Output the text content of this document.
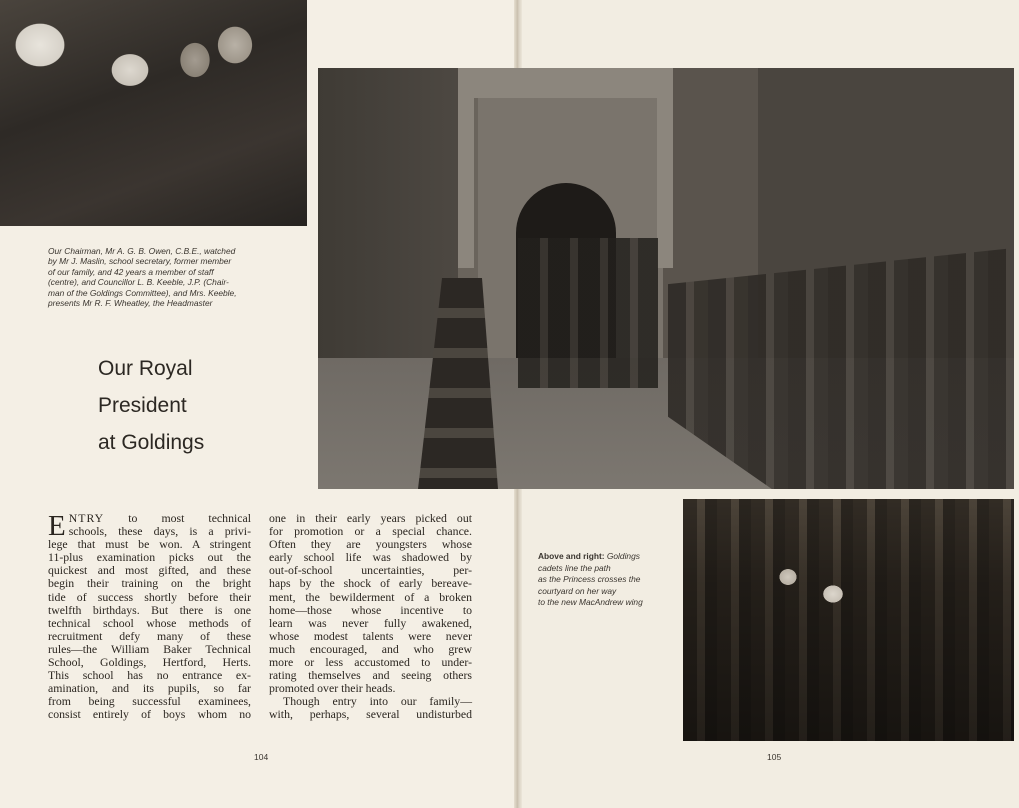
Our Chairman, Mr A. G. B. Owen, C.B.E., watched
by Mr J. Maslin, school secretary, former member
of our family, and 42 years a member of staff
(centre), and Councillor L. B. Keeble, J.P. (Chair-
man of the Goldings Committee), and Mrs. Keeble,
presents Mr R. F. Wheatley, the Headmaster
Our Royal
President
at Goldings
E NTRY to most technical
schools, these days, is a privi-
lege that must be won. A stringent
11-plus examination picks out the
quickest and most gifted, and these
begin their training on the bright
tide of success shortly before their
twelfth birthdays. But there is one
technical school whose methods of
recruitment defy many of these
rules—the William Baker Technical
School, Goldings, Hertford, Herts.
This school has no entrance ex-
amination, and its pupils, so far
from being successful examinees,
consist entirely of boys whom no
one in their early years picked out
for promotion or a special chance.
Often they are youngsters whose
early school life was shadowed by
out-of-school uncertainties, per-
haps by the shock of early bereave-
ment, the bewilderment of a broken
home—those whose incentive to
learn was never fully awakened,
whose modest talents were never
much encouraged, and who grew
more or less accustomed to under-
rating themselves and seeing others
promoted over their heads.
Though entry into our family—
with, perhaps, several undisturbed
104
Above and right: Goldings
cadets line the path
as the Princess crosses the
courtyard on her way
to the new MacAndrew wing
105
